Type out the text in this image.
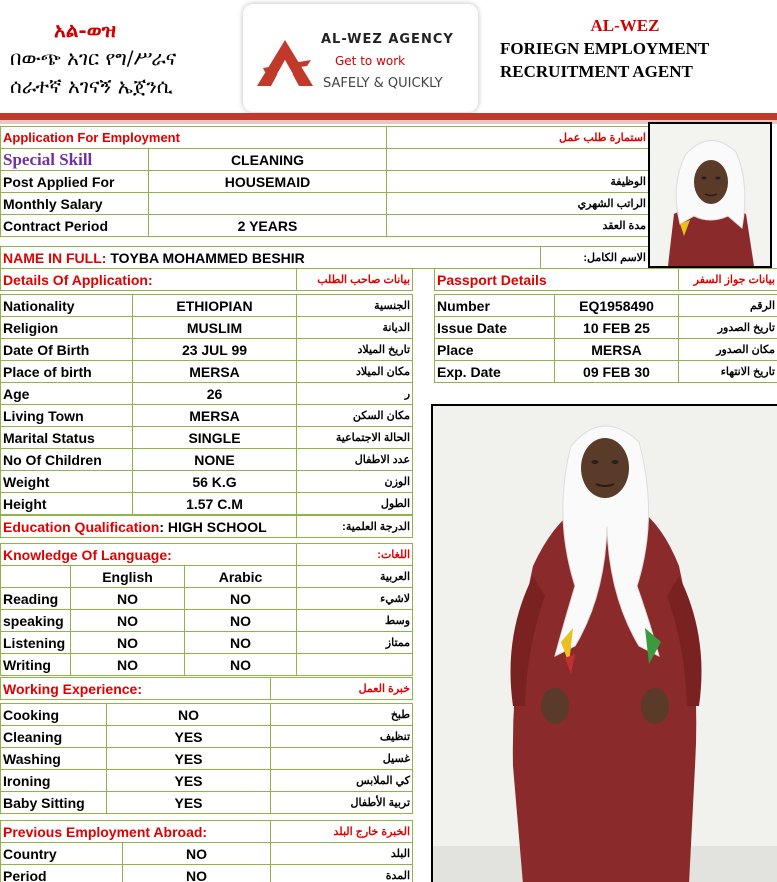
አል-ወዝ
በውጭ አገር የግ/ሥራና
ሰራተኛ አገናኝ ኤጀንሲ
AL-WEZ AGENCY
Get to work
SAFELY & QUICKLY
AL-WEZ
FORIEGN EMPLOYMENT
RECRUITMENT AGENT
Application For Employment		استمارة طلب عمل
Special Skill	CLEANING	
Post Applied For	HOUSEMAID	الوظيفة
Monthly Salary		الراتب الشهري
Contract Period	2 YEARS	مدة العقد
NAME IN FULL: TOYBA MOHAMMED BESHIR	الاسم الكامل:
Details Of Application:		بيانات صاحب الطلب

Nationality	ETHIOPIAN	الجنسية
Religion	MUSLIM	الديانة
Date Of Birth	23 JUL 99	تاريخ الميلاد
Place of birth	MERSA	مكان الميلاد
Age	26	ر
Living Town	MERSA	مكان السكن
Marital Status	SINGLE	الحالة الاجتماعية
No Of Children	NONE	عدد الاطفال
Weight	56 K.G	الوزن
Height	1.57 C.M	الطول
Passport Details		بيانات جواز السفر

Number	EQ1958490	الرقم
Issue Date	10 FEB 25	تاريخ الصدور
Place	MERSA	مكان الصدور
Exp. Date	09 FEB 30	تاريخ الانتهاء
Education Qualification: HIGH SCHOOL	الدرجة العلمية:
Knowledge Of Language:			اللغات:
	English	Arabic	العربية
Reading	NO	NO	لاشيء
speaking	NO	NO	وسط
Listening	NO	NO	ممتاز
Writing	NO	NO	
Working Experience:		خبرة العمل

Cooking	NO	طبخ
Cleaning	YES	تنظيف
Washing	YES	غسيل
Ironing	YES	كي الملابس
Baby Sitting	YES	تربية الأطفال
Previous Employment Abroad:		الخبرة خارج البلد
Country	NO	البلد
Period	NO	المدة
